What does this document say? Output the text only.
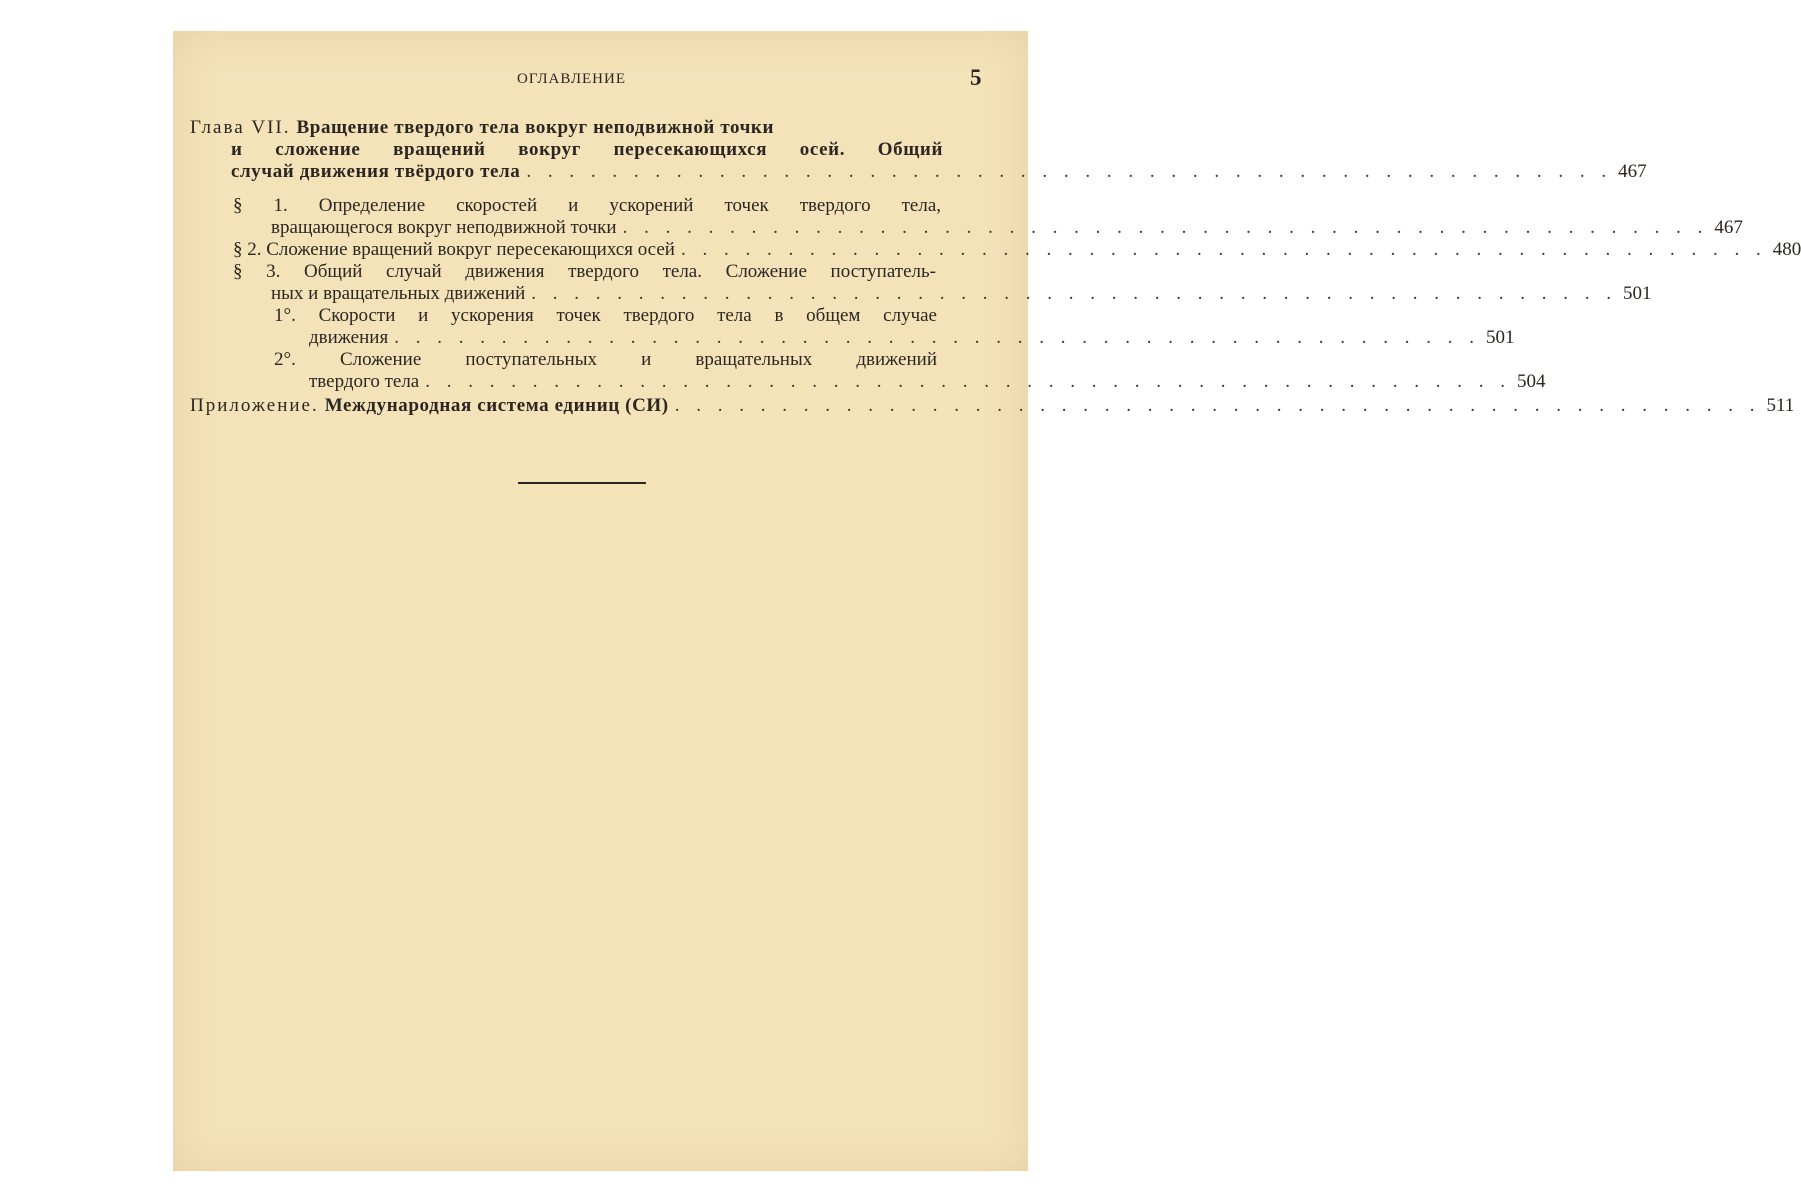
ОГЛАВЛЕНИЕ	5
Глава VII. Вращение твердого тела вокруг неподвижной точки
и сложение вращений вокруг пересекающихся осей. Общий
случай движения твёрдого тела . . . . . . . . . . . . . . . . . . . . . . . . . . . . . . . . . . . . . . . . . . . . . . . . . . . 467
§ 1. Определение скоростей и ускорений точек твердого тела,
вращающегося вокруг неподвижной точки . . . . . . . . . . . . . . . . . . . . . . . . . . . . . . . . . . . . . . . . . . . . . . . . . . . 467
§ 2. Сложение вращений вокруг пересекающихся осей . . . . . . . . . . . . . . . . . . . . . . . . . . . . . . . . . . . . . . . . . . . . . . . . . . . 480
§ 3. Общий случай движения твердого тела. Сложение поступатель-
ных и вращательных движений . . . . . . . . . . . . . . . . . . . . . . . . . . . . . . . . . . . . . . . . . . . . . . . . . . . 501
1°. Скорости и ускорения точек твердого тела в общем случае
движения . . . . . . . . . . . . . . . . . . . . . . . . . . . . . . . . . . . . . . . . . . . . . . . . . . . 501
2°. Сложение поступательных и вращательных движений
твердого тела . . . . . . . . . . . . . . . . . . . . . . . . . . . . . . . . . . . . . . . . . . . . . . . . . . . 504
Приложение. Международная система единиц (СИ) . . . . . . . . . . . . . . . . . . . . . . . . . . . . . . . . . . . . . . . . . . . . . . . . . . . 511
